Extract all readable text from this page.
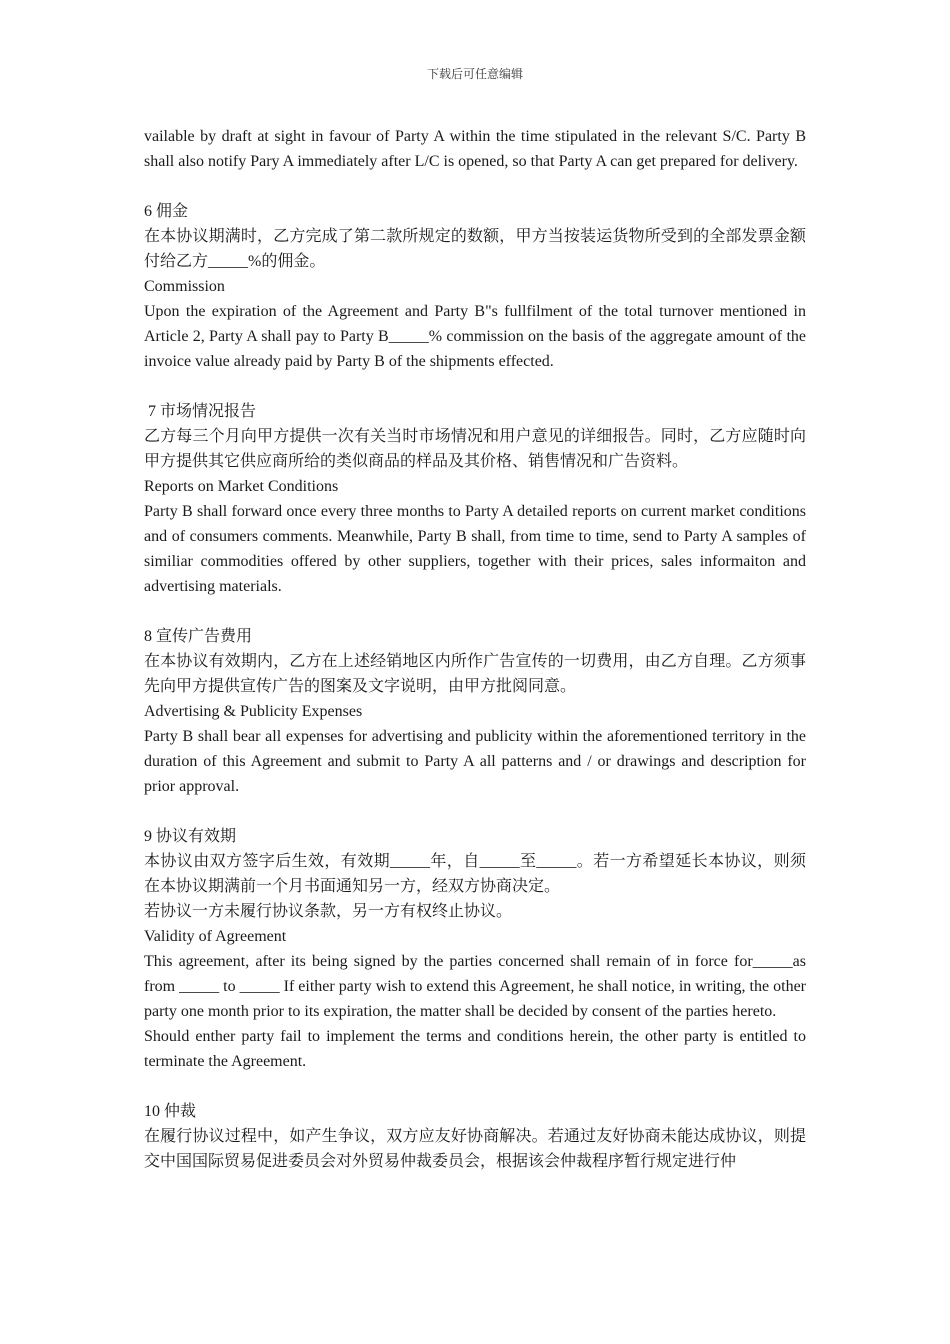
下载后可任意编辑

vailable by draft at sight in favour of Party A within the time stipulated in the relevant S/C. Party B shall also notify Pary A immediately after L/C is opened, so that Party A can get prepared for delivery.

6 佣金

在本协议期满时，乙方完成了第二款所规定的数额，甲方当按装运货物所受到的全部发票金额付给乙方_____%的佣金。

Commission

Upon the expiration of the Agreement and Party B"s fullfilment of the total turnover mentioned in Article 2, Party A shall pay to Party B_____% commission on the basis of the aggregate amount of the invoice value already paid by Party B of the shipments effected.

7 市场情况报告

乙方每三个月向甲方提供一次有关当时市场情况和用户意见的详细报告。同时，乙方应随时向甲方提供其它供应商所给的类似商品的样品及其价格、销售情况和广告资料。

Reports on Market Conditions

Party B shall forward once every three months to Party A detailed reports on current market conditions and of consumers comments. Meanwhile, Party B shall, from time to time, send to Party A samples of similiar commodities offered by other suppliers, together with their prices, sales informaiton and advertising materials.

8 宣传广告费用

在本协议有效期内，乙方在上述经销地区内所作广告宣传的一切费用，由乙方自理。乙方须事先向甲方提供宣传广告的图案及文字说明，由甲方批阅同意。

Advertising & Publicity Expenses

Party B shall bear all expenses for advertising and publicity within the aforementioned territory in the duration of this Agreement and submit to Party A all patterns and / or drawings and description for prior approval.

9 协议有效期

本协议由双方签字后生效，有效期_____年，自_____至_____。若一方希望延长本协议，则须在本协议期满前一个月书面通知另一方，经双方协商决定。

若协议一方未履行协议条款，另一方有权终止协议。

Validity of Agreement

This agreement, after its being signed by the parties concerned shall remain of in force for_____as from _____ to _____ If either party wish to extend this Agreement, he shall notice, in writing, the other party one month prior to its expiration, the matter shall be decided by consent of the parties hereto.

Should enther party fail to implement the terms and conditions herein, the other party is entitled to terminate the Agreement.

10 仲裁

在履行协议过程中，如产生争议，双方应友好协商解决。若通过友好协商未能达成协议，则提交中国国际贸易促进委员会对外贸易仲裁委员会，根据该会仲裁程序暂行规定进行仲
